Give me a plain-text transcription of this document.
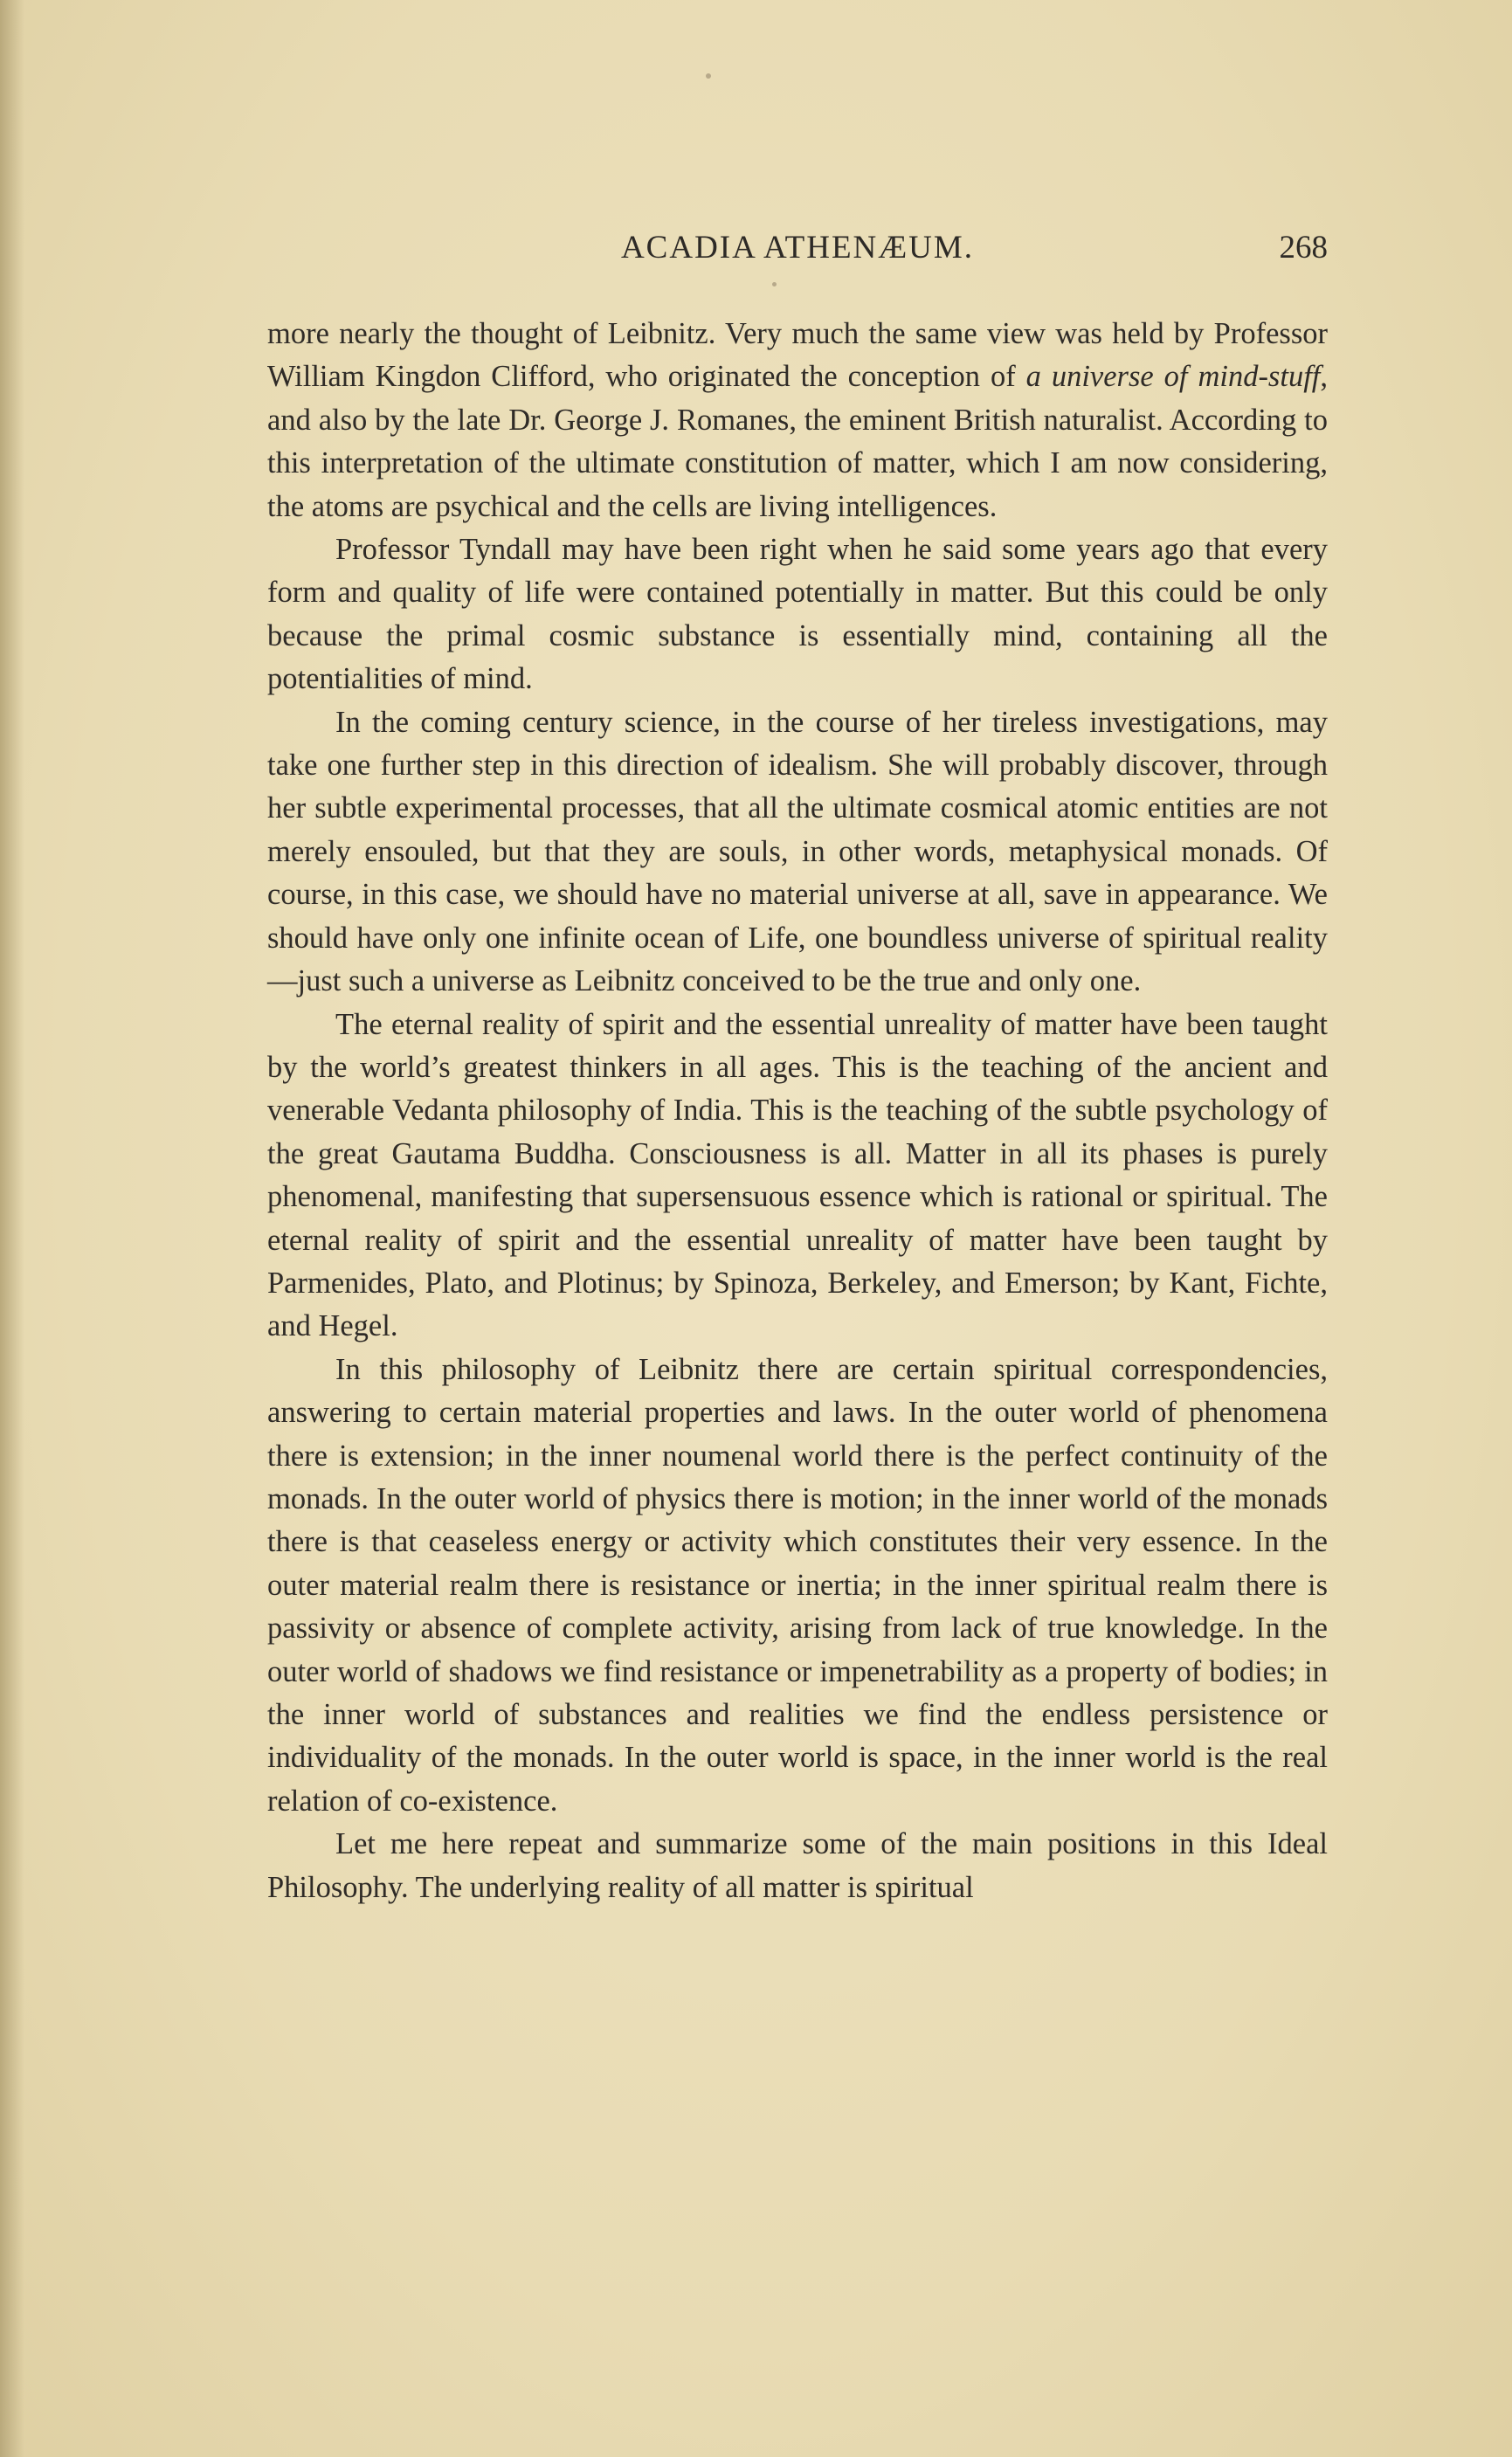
ACADIA ATHENÆUM.	268

more nearly the thought of Leibnitz. Very much the same view was held by Professor William Kingdon Clifford, who originated the conception of a universe of mind-stuff, and also by the late Dr. George J. Romanes, the eminent British naturalist. According to this interpretation of the ultimate constitution of matter, which I am now considering, the atoms are psychical and the cells are living intelligences.

Professor Tyndall may have been right when he said some years ago that every form and quality of life were contained potentially in matter. But this could be only because the primal cosmic substance is essentially mind, containing all the potentialities of mind.

In the coming century science, in the course of her tireless investigations, may take one further step in this direction of idealism. She will probably discover, through her subtle experimental processes, that all the ultimate cosmical atomic entities are not merely ensouled, but that they are souls, in other words, metaphysical monads. Of course, in this case, we should have no material universe at all, save in appearance. We should have only one infinite ocean of Life, one boundless universe of spiritual reality—just such a universe as Leibnitz conceived to be the true and only one.

The eternal reality of spirit and the essential unreality of matter have been taught by the world’s greatest thinkers in all ages. This is the teaching of the ancient and venerable Vedanta philosophy of India. This is the teaching of the subtle psychology of the great Gautama Buddha. Consciousness is all. Matter in all its phases is purely phenomenal, manifesting that supersensuous essence which is rational or spiritual. The eternal reality of spirit and the essential unreality of matter have been taught by Parmenides, Plato, and Plotinus; by Spinoza, Berkeley, and Emerson; by Kant, Fichte, and Hegel.

In this philosophy of Leibnitz there are certain spiritual correspondencies, answering to certain material properties and laws. In the outer world of phenomena there is extension; in the inner noumenal world there is the perfect continuity of the monads. In the outer world of physics there is motion; in the inner world of the monads there is that ceaseless energy or activity which constitutes their very essence. In the outer material realm there is resistance or inertia; in the inner spiritual realm there is passivity or absence of complete activity, arising from lack of true knowledge. In the outer world of shadows we find resistance or impenetrability as a property of bodies; in the inner world of substances and realities we find the endless persistence or individuality of the monads. In the outer world is space, in the inner world is the real relation of co-existence.

Let me here repeat and summarize some of the main positions in this Ideal Philosophy. The underlying reality of all matter is spiritual
